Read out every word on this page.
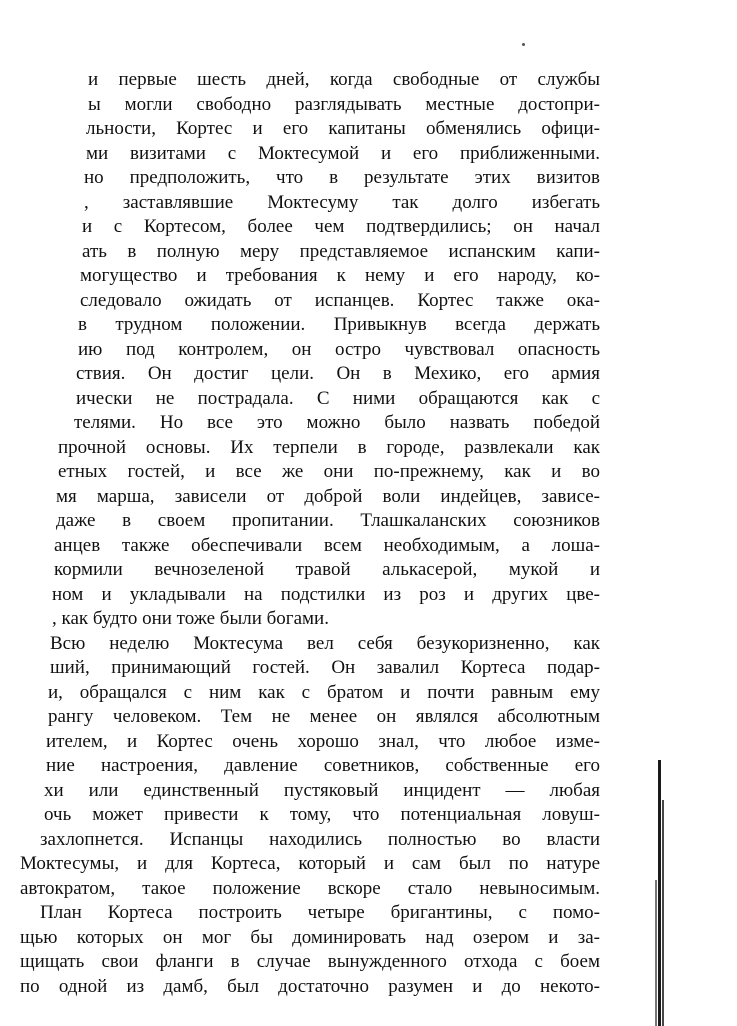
и первые шесть дней, когда свободные от службы
ы могли свободно разглядывать местные достопри-
льности, Кортес и его капитаны обменялись офици-
ми визитами с Моктесумой и его приближенными.
но предположить, что в результате этих визитов
, заставлявшие Моктесуму так долго избегать
и с Кортесом, более чем подтвердились; он начал
ать в полную меру представляемое испанским капи-
могущество и требования к нему и его народу, ко-
следовало ожидать от испанцев. Кортес также ока-
в трудном положении. Привыкнув всегда держать
ию под контролем, он остро чувствовал опасность
ствия. Он достиг цели. Он в Мехико, его армия
ически не пострадала. С ними обращаются как с
телями. Но все это можно было назвать победой
прочной основы. Их терпели в городе, развлекали как
етных гостей, и все же они по-прежнему, как и во
мя марша, зависели от доброй воли индейцев, зависе-
даже в своем пропитании. Тлашкаланских союзников
анцев также обеспечивали всем необходимым, а лоша-
кормили вечнозеленой травой алькасерой, мукой и
ном и укладывали на подстилки из роз и других цве-
, как будто они тоже были богами.
Всю неделю Моктесума вел себя безукоризненно, как
ший, принимающий гостей. Он завалил Кортеса подар-
и, обращался с ним как с братом и почти равным ему
рангу человеком. Тем не менее он являлся абсолютным
ителем, и Кортес очень хорошо знал, что любое изме-
ние настроения, давление советников, собственные его
хи или единственный пустяковый инцидент — любая
очь может привести к тому, что потенциальная ловуш-
захлопнется. Испанцы находились полностью во власти
Моктесумы, и для Кортеса, который и сам был по натуре
автократом, такое положение вскоре стало невыносимым.
План Кортеса построить четыре бригантины, с помо-
щью которых он мог бы доминировать над озером и за-
щищать свои фланги в случае вынужденного отхода с боем
по одной из дамб, был достаточно разумен и до некото-
